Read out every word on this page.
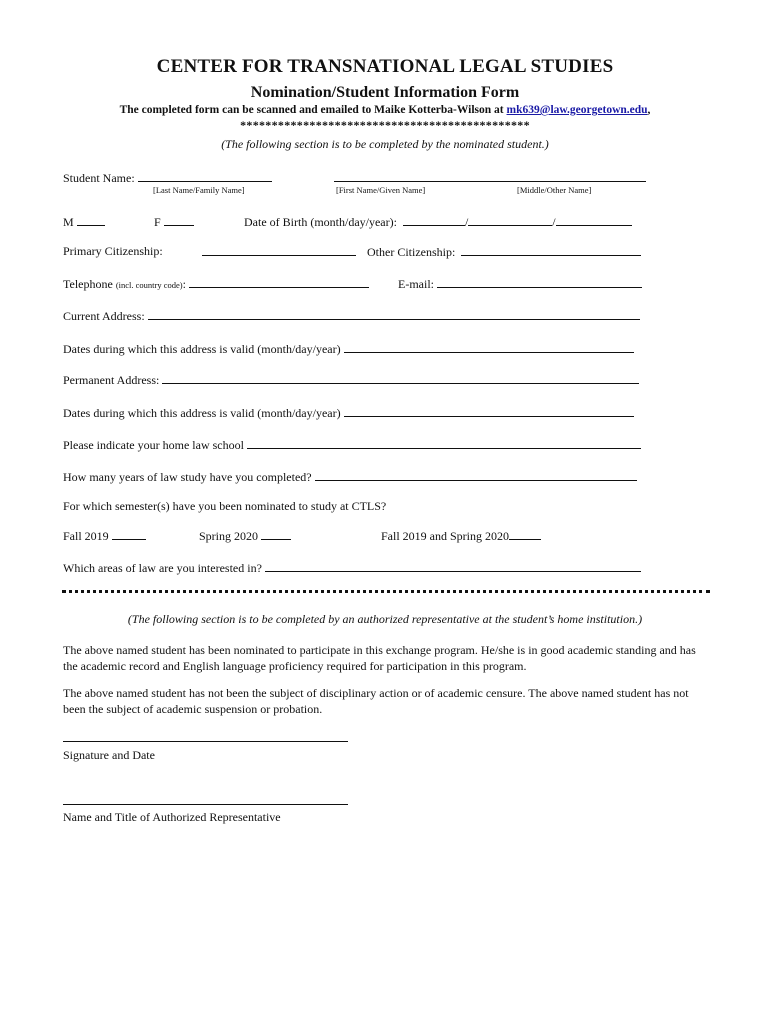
CENTER FOR TRANSNATIONAL LEGAL STUDIES
Nomination/Student Information Form
The completed form can be scanned and emailed to Maike Kotterba-Wilson at mk639@law.georgetown.edu,
**********************************************
(The following section is to be completed by the nominated student.)
Student Name:
[Last Name/Family Name]	[First Name/Given Name]	[Middle/Other Name]
M	F	Date of Birth (month/day/year):	/	/
Primary Citizenship:	Other Citizenship:
Telephone (incl. country code):	E-mail:
Current Address:
Dates during which this address is valid (month/day/year)
Permanent Address:
Dates during which this address is valid (month/day/year)
Please indicate your home law school
How many years of law study have you completed?
For which semester(s) have you been nominated to study at CTLS?
Fall 2019	Spring 2020	Fall 2019 and Spring 2020
Which areas of law are you interested in?
(The following section is to be completed by an authorized representative at the student’s home institution.)
The above named student has been nominated to participate in this exchange program. He/she is in good academic standing and has the academic record and English language proficiency required for participation in this program.
The above named student has not been the subject of disciplinary action or of academic censure. The above named student has not been the subject of academic suspension or probation.
Signature and Date
Name and Title of Authorized Representative
